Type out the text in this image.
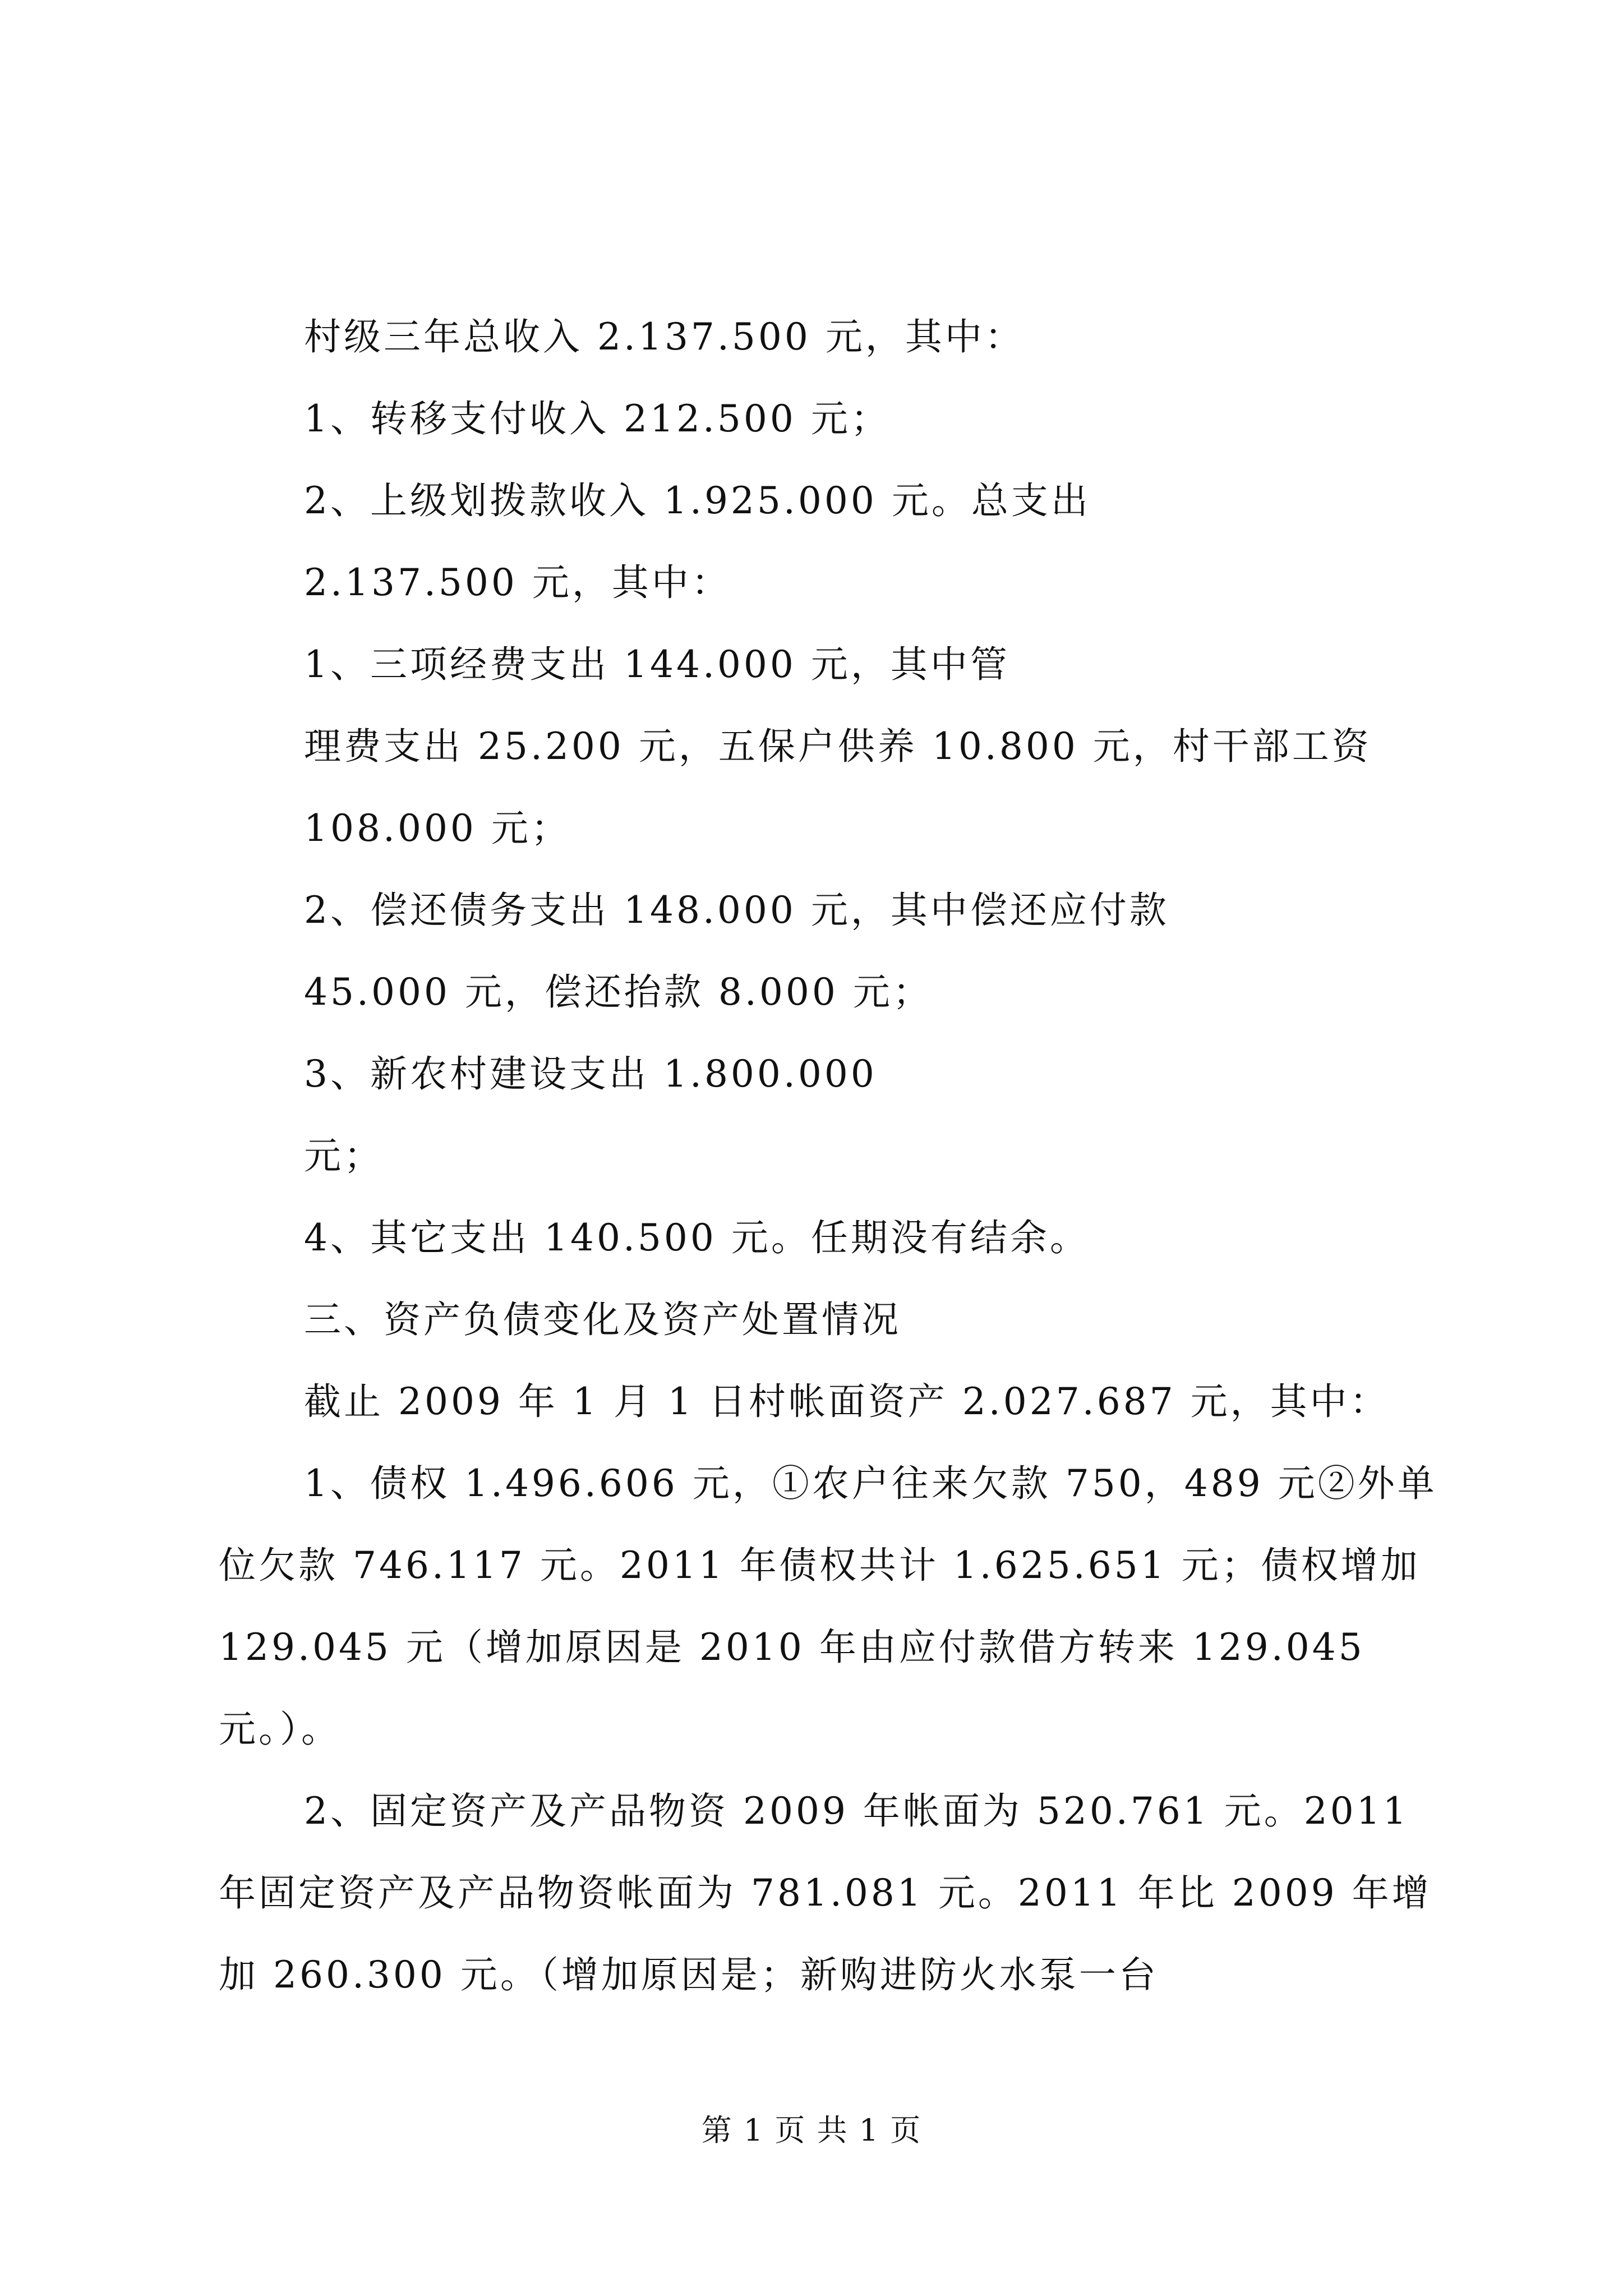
村级三年总收入 2.137.500 元，其中：

1、转移支付收入 212.500 元；

2、上级划拨款收入 1.925.000 元。总支出

2.137.500 元，其中：

1、三项经费支出 144.000 元，其中管

理费支出 25.200 元，五保户供养 10.800 元，村干部工资

108.000 元；

2、偿还债务支出 148.000 元，其中偿还应付款

45.000 元，偿还抬款 8.000 元；

3、新农村建设支出 1.800.000

元；

4、其它支出 140.500 元。任期没有结余。

三、资产负债变化及资产处置情况

截止 2009 年 1 月 1 日村帐面资产 2.027.687 元，其中：

1、债权 1.496.606 元，①农户往来欠款 750，489 元②外单

位欠款 746.117 元。2011 年债权共计 1.625.651 元；债权增加

129.045 元（增加原因是 2010 年由应付款借方转来 129.045

元。）。

2、固定资产及产品物资 2009 年帐面为 520.761 元。2011

年固定资产及产品物资帐面为 781.081 元。2011 年比 2009 年增

加 260.300 元。（增加原因是；新购进防火水泵一台

第 1 页 共 1 页
